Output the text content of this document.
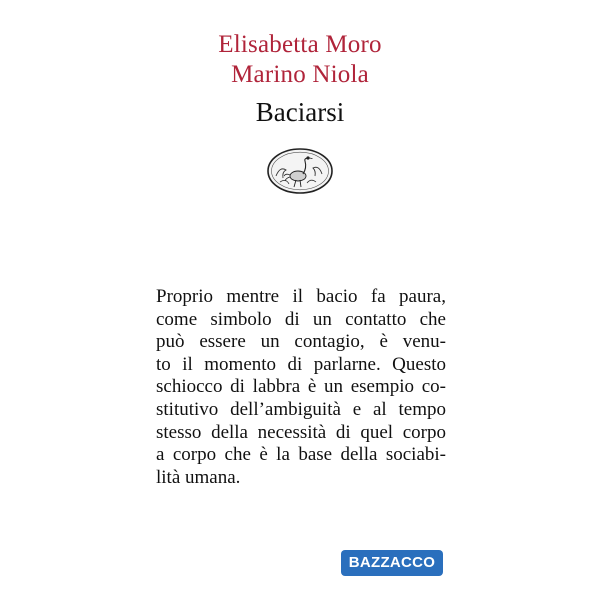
Elisabetta Moro
Marino Niola
Baciarsi
Proprio mentre il bacio fa paura,
come simbolo di un contatto che
può essere un contagio, è venu-
to il momento di parlarne. Questo
schiocco di labbra è un esempio co-
stitutivo dell’ambiguità e al tempo
stesso della necessità di quel corpo
a corpo che è la base della sociabi-
lità umana.
BAZZACCO
